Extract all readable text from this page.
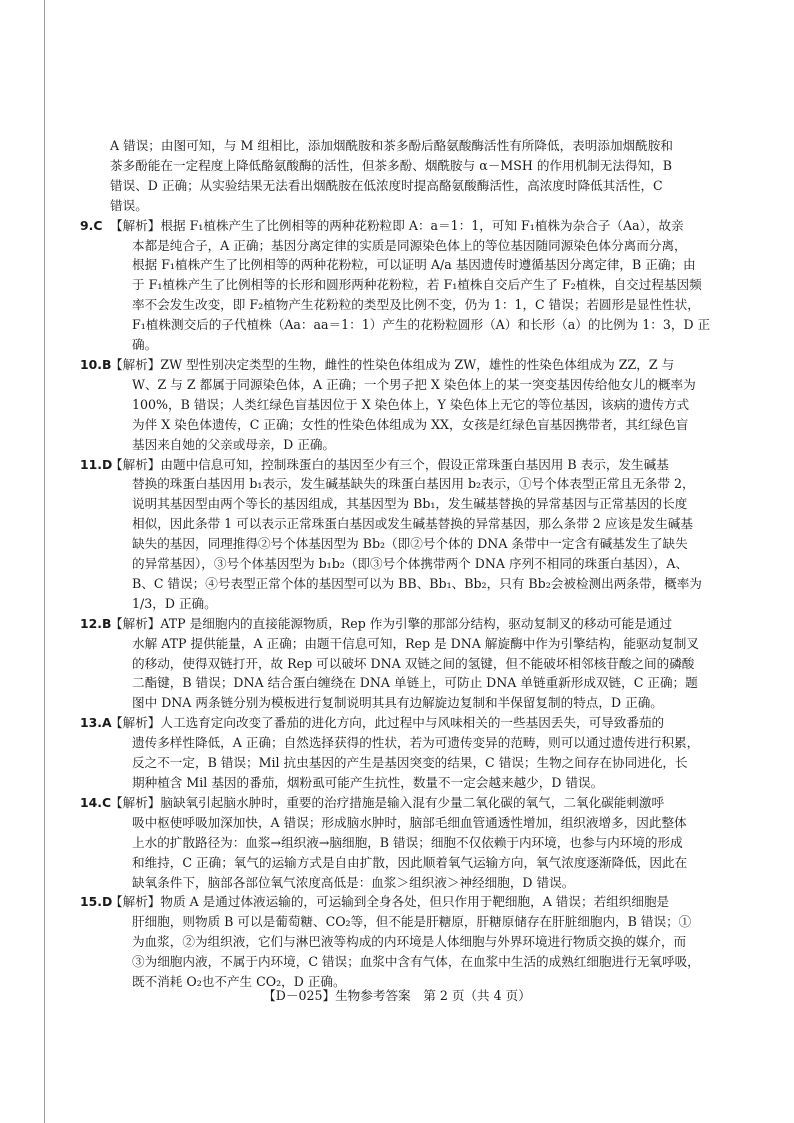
A 错误；由图可知，与 M 组相比，添加烟酰胺和茶多酚后酪氨酸酶活性有所降低，表明添加烟酰胺和
茶多酚能在一定程度上降低酪氨酸酶的活性，但茶多酚、烟酰胺与 α－MSH 的作用机制无法得知，B
错误、D 正确；从实验结果无法看出烟酰胺在低浓度时提高酪氨酸酶活性，高浓度时降低其活性，C
错误。
9.C 【解析】根据 F₁植株产生了比例相等的两种花粉粒即 A：a＝1：1，可知 F₁植株为杂合子（Aa），故亲
本都是纯合子，A 正确；基因分离定律的实质是同源染色体上的等位基因随同源染色体分离而分离，
根据 F₁植株产生了比例相等的两种花粉粒，可以证明 A/a 基因遗传时遵循基因分离定律，B 正确；由
于 F₁植株产生了比例相等的长形和圆形两种花粉粒，若 F₁植株自交后产生了 F₂植株，自交过程基因频
率不会发生改变，即 F₂植物产生花粉粒的类型及比例不变，仍为 1：1，C 错误；若圆形是显性性状，
F₁植株测交后的子代植株（Aa：aa＝1：1）产生的花粉粒圆形（A）和长形（a）的比例为 1：3，D 正
确。
10.B
【解析】ZW 型性别决定类型的生物，雌性的性染色体组成为 ZW，雄性的性染色体组成为 ZZ，Z 与
W、Z 与 Z 都属于同源染色体，A 正确；一个男子把 X 染色体上的某一突变基因传给他女儿的概率为
100%，B 错误；人类红绿色盲基因位于 X 染色体上，Y 染色体上无它的等位基因，该病的遗传方式
为伴 X 染色体遗传，C 正确；女性的性染色体组成为 XX，女孩是红绿色盲基因携带者，其红绿色盲
基因来自她的父亲或母亲，D 正确。
11.D
【解析】由题中信息可知，控制珠蛋白的基因至少有三个，假设正常珠蛋白基因用 B 表示，发生碱基
替换的珠蛋白基因用 b₁表示，发生碱基缺失的珠蛋白基因用 b₂表示，①号个体表型正常且无条带 2，
说明其基因型由两个等长的基因组成，其基因型为 Bb₁，发生碱基替换的异常基因与正常基因的长度
相似，因此条带 1 可以表示正常珠蛋白基因或发生碱基替换的异常基因，那么条带 2 应该是发生碱基
缺失的基因，同理推得②号个体基因型为 Bb₂（即②号个体的 DNA 条带中一定含有碱基发生了缺失
的异常基因），③号个体基因型为 b₁b₂（即③号个体携带两个 DNA 序列不相同的珠蛋白基因），A、
B、C 错误；④号表型正常个体的基因型可以为 BB、Bb₁、Bb₂，只有 Bb₂会被检测出两条带，概率为
1/3，D 正确。
12.B
【解析】ATP 是细胞内的直接能源物质，Rep 作为引擎的那部分结构，驱动复制叉的移动可能是通过
水解 ATP 提供能量，A 正确；由题干信息可知，Rep 是 DNA 解旋酶中作为引擎结构，能驱动复制叉
的移动，使得双链打开，故 Rep 可以破坏 DNA 双链之间的氢键，但不能破坏相邻核苷酸之间的磷酸
二酯键，B 错误；DNA 结合蛋白缠绕在 DNA 单链上，可防止 DNA 单链重新形成双链，C 正确；题
图中 DNA 两条链分别为模板进行复制说明其具有边解旋边复制和半保留复制的特点，D 正确。
13.A
【解析】人工选育定向改变了番茄的进化方向，此过程中与风味相关的一些基因丢失，可导致番茄的
遗传多样性降低，A 正确；自然选择获得的性状，若为可遗传变异的范畴，则可以通过遗传进行积累，
反之不一定，B 错误；Mil 抗虫基因的产生是基因突变的结果，C 错误；生物之间存在协同进化，长
期种植含 Mil 基因的番茄，烟粉虱可能产生抗性，数量不一定会越来越少，D 错误。
14.C
【解析】脑缺氧引起脑水肿时，重要的治疗措施是输入混有少量二氧化碳的氧气，二氧化碳能刺激呼
吸中枢使呼吸加深加快，A 错误；形成脑水肿时，脑部毛细血管通透性增加，组织液增多，因此整体
上水的扩散路径为：血浆→组织液→脑细胞，B 错误；细胞不仅依赖于内环境，也参与内环境的形成
和维持，C 正确；氧气的运输方式是自由扩散，因此顺着氧气运输方向，氧气浓度逐渐降低，因此在
缺氧条件下，脑部各部位氧气浓度高低是：血浆＞组织液＞神经细胞，D 错误。
15.D
【解析】物质 A 是通过体液运输的，可运输到全身各处，但只作用于靶细胞，A 错误；若组织细胞是
肝细胞，则物质 B 可以是葡萄糖、CO₂等，但不能是肝糖原，肝糖原储存在肝脏细胞内，B 错误；①
为血浆，②为组织液，它们与淋巴液等构成的内环境是人体细胞与外界环境进行物质交换的媒介，而
③为细胞内液，不属于内环境，C 错误；血浆中含有气体，在血浆中生活的成熟红细胞进行无氧呼吸，
既不消耗 O₂也不产生 CO₂，D 正确。
【D－025】生物参考答案　第 2 页（共 4 页）
